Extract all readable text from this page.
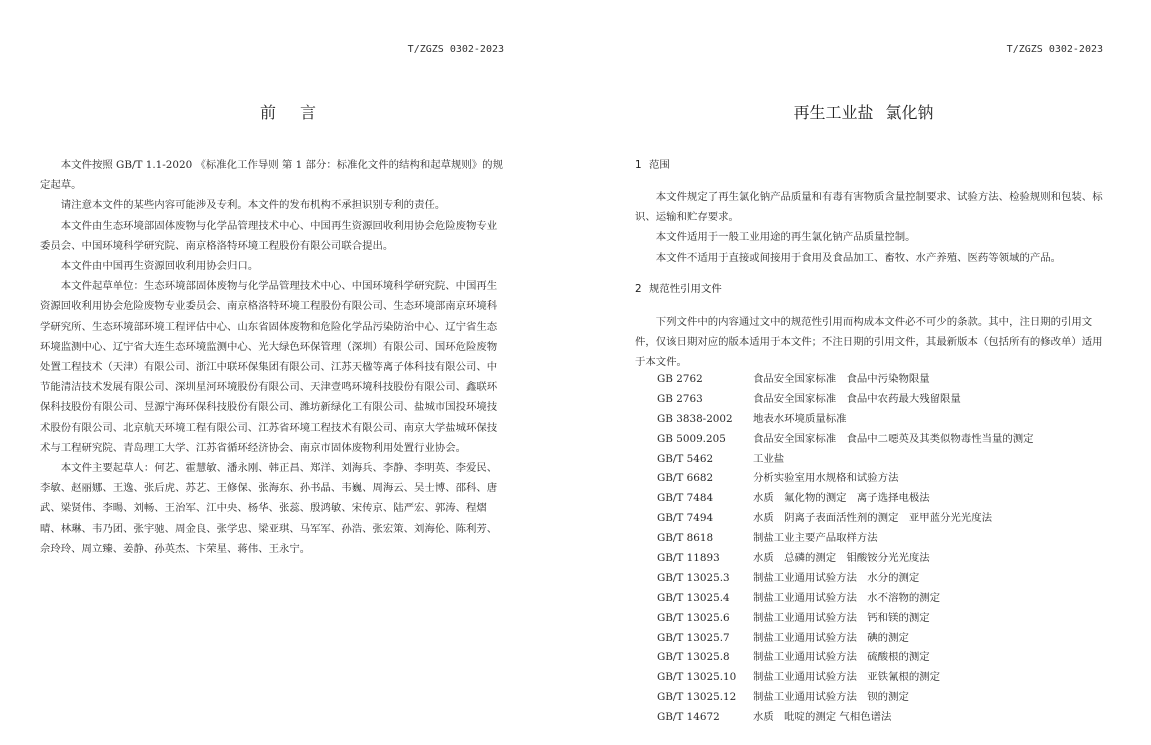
T/ZGZS 0302-2023
前 言

本文件按照 GB/T 1.1-2020 《标准化工作导则 第 1 部分：标准化文件的结构和起草规则》的规定起草。

请注意本文件的某些内容可能涉及专利。本文件的发布机构不承担识别专利的责任。

本文件由生态环境部固体废物与化学品管理技术中心、中国再生资源回收利用协会危险废物专业委员会、中国环境科学研究院、南京格洛特环境工程股份有限公司联合提出。

本文件由中国再生资源回收利用协会归口。

本文件起草单位：生态环境部固体废物与化学品管理技术中心、中国环境科学研究院、中国再生资源回收利用协会危险废物专业委员会、南京格洛特环境工程股份有限公司、生态环境部南京环境科学研究所、生态环境部环境工程评估中心、山东省固体废物和危险化学品污染防治中心、辽宁省生态环境监测中心、辽宁省大连生态环境监测中心、光大绿色环保管理（深圳）有限公司、国环危险废物处置工程技术（天津）有限公司、浙江中联环保集团有限公司、江苏天楹等离子体科技有限公司、中节能清洁技术发展有限公司、深圳星河环境股份有限公司、天津壹鸣环境科技股份有限公司、鑫联环保科技股份有限公司、昱源宁海环保科技股份有限公司、潍坊新绿化工有限公司、盐城市国投环境技术股份有限公司、北京航天环境工程有限公司、江苏省环境工程技术有限公司、南京大学盐城环保技术与工程研究院、青岛理工大学、江苏省循环经济协会、南京市固体废物利用处置行业协会。

本文件主要起草人：何艺、霍慧敏、潘永刚、韩正昌、郑洋、刘海兵、李静、李明英、李爱民、李敏、赵丽娜、王逸、张后虎、苏艺、王修保、张海东、孙书晶、韦巍、周海云、吴士博、邵科、唐武、梁贤伟、李暘、刘畅、王治军、江中央、杨华、张蕊、殷鸿敏、宋传京、陆严宏、郭涛、程熠晴、林琳、韦乃团、张宇驰、周金良、张学忠、梁亚琪、马军军、孙浩、张宏策、刘海伦、陈利芳、佘玲玲、周立臻、姜静、孙英杰、卞荣星、蒋伟、王永宁。

T/ZGZS 0302-2023
再生工业盐 氯化钠
1 范围

本文件规定了再生氯化钠产品质量和有毒有害物质含量控制要求、试验方法、检验规则和包装、标识、运输和贮存要求。

本文件适用于一般工业用途的再生氯化钠产品质量控制。

本文件不适用于直接或间接用于食用及食品加工、畜牧、水产养殖、医药等领域的产品。

2 规范性引用文件

下列文件中的内容通过文中的规范性引用而构成本文件必不可少的条款。其中，注日期的引用文件，仅该日期对应的版本适用于本文件；不注日期的引用文件，其最新版本（包括所有的修改单）适用于本文件。

GB 2762	食品安全国家标准　食品中污染物限量
GB 2763	食品安全国家标准　食品中农药最大残留限量
GB 3838-2002 地表水环境质量标准
GB 5009.205	食品安全国家标准　食品中二噁英及其类似物毒性当量的测定
GB/T 5462	工业盐
GB/T 6682	分析实验室用水规格和试验方法
GB/T 7484	水质　氟化物的测定　离子选择电极法
GB/T 7494	水质　阴离子表面活性剂的测定　亚甲蓝分光光度法
GB/T 8618	制盐工业主要产品取样方法
GB/T 11893	水质　总磷的测定　钼酸铵分光光度法
GB/T 13025.3 制盐工业通用试验方法　水分的测定
GB/T 13025.4 制盐工业通用试验方法　水不溶物的测定
GB/T 13025.6 制盐工业通用试验方法　钙和镁的测定
GB/T 13025.7 制盐工业通用试验方法　碘的测定
GB/T 13025.8 制盐工业通用试验方法　硫酸根的测定
GB/T 13025.10 制盐工业通用试验方法　亚铁氰根的测定
GB/T 13025.12 制盐工业通用试验方法　钡的测定
GB/T 14672	水质　吡啶的测定 气相色谱法
